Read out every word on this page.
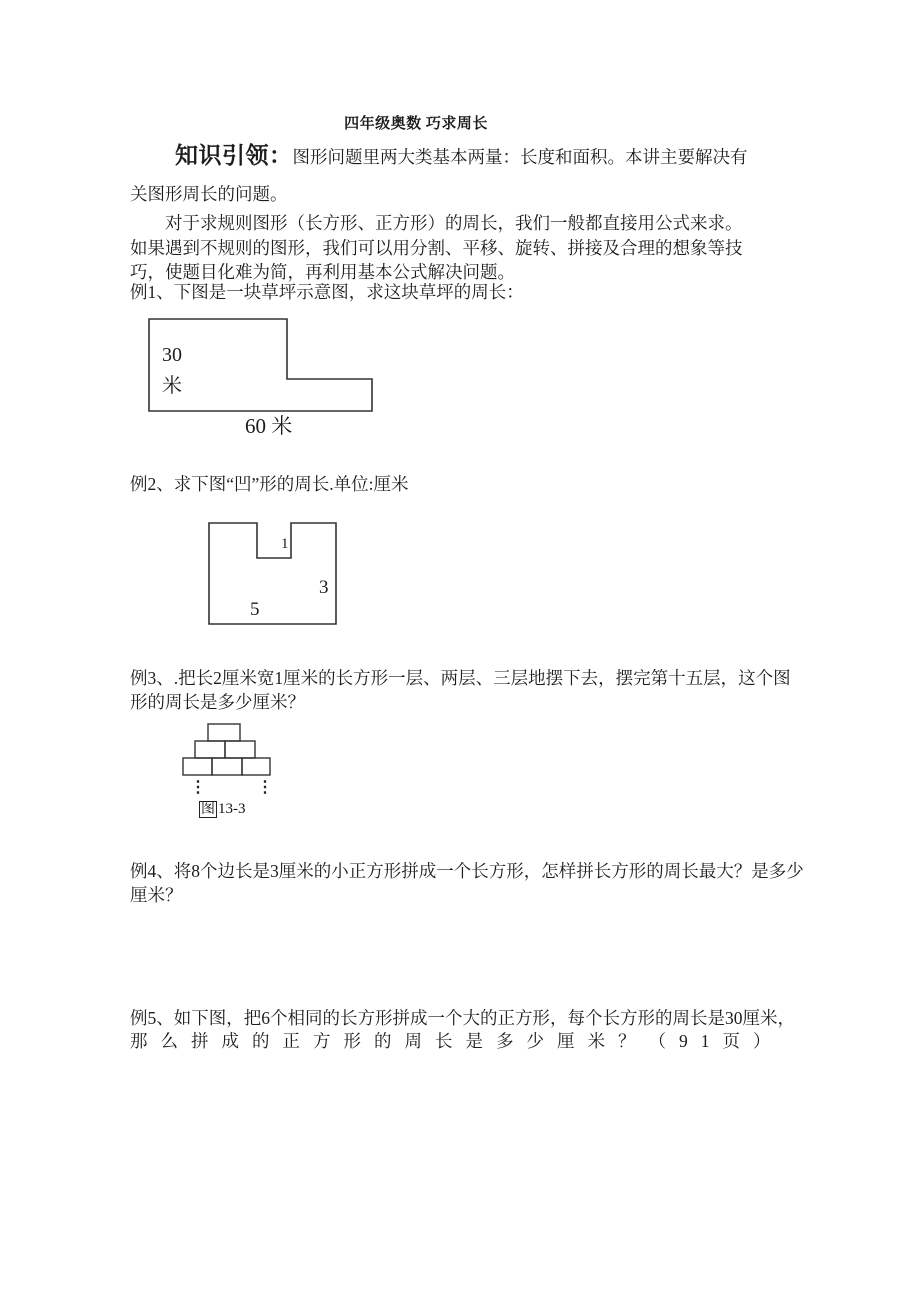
四年级奥数 巧求周长
知识引领：图形问题里两大类基本两量：长度和面积。本讲主要解决有
关图形周长的问题。
对于求规则图形（长方形、正方形）的周长，我们一般都直接用公式来求。
如果遇到不规则的图形，我们可以用分割、平移、旋转、拼接及合理的想象等技
巧，使题目化难为简，再利用基本公式解决问题。
例1、下图是一块草坪示意图，求这块草坪的周长：
30
米
60 米
例2、求下图“凹”形的周长.单位:厘米
1
3
5
例3、.把长2厘米宽1厘米的长方形一层、两层、三层地摆下去，摆完第十五层，这个图
形的周长是多少厘米？
⋮	⋮
图 13-3
例4、将8个边长是3厘米的小正方形拼成一个长方形，怎样拼长方形的周长最大？是多少
厘米？
例5、如下图，把6个相同的长方形拼成一个大的正方形，每个长方形的周长是30厘米，
那么拼成的正方形的周长是多少厘米？（91页）
